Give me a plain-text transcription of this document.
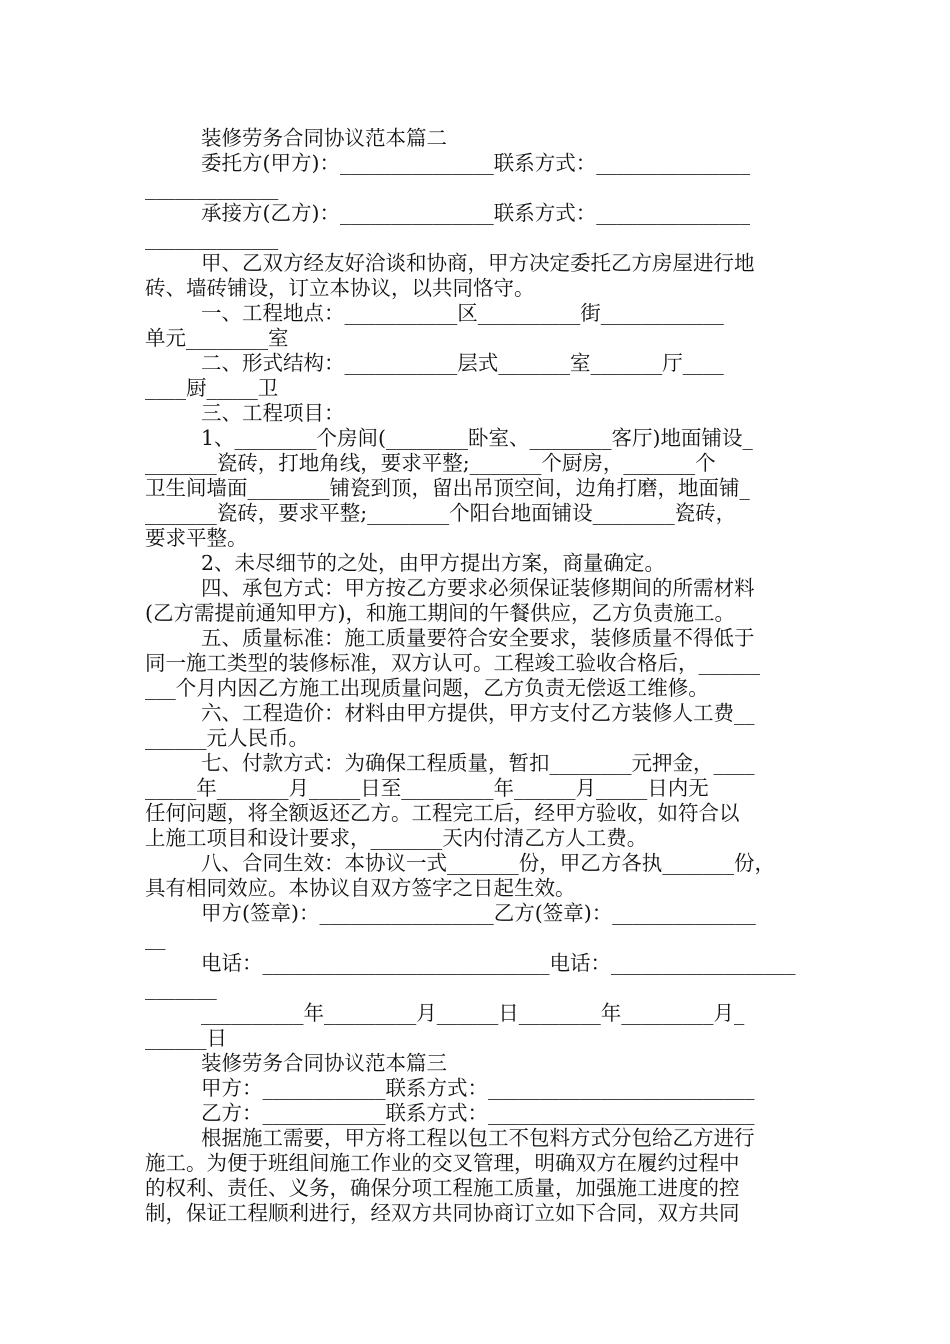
装修劳务合同协议范本篇二
委托方(甲方)：_______________联系方式：_______________
_____________
承接方(乙方)：_______________联系方式：_______________
_____________
甲、乙双方经友好洽谈和协商，甲方决定委托乙方房屋进行地
砖、墙砖铺设，订立本协议，以共同恪守。
一、工程地点：___________区__________街____________
单元________室
二、形式结构：___________层式_______室_______厅____
____厨_____卫
三、工程项目：
1、________个房间(________卧室、________客厅)地面铺设_
_______瓷砖，打地角线，要求平整;_______个厨房，_______个
卫生间墙面________铺瓷到顶，留出吊顶空间，边角打磨，地面铺_
_______瓷砖，要求平整;________个阳台地面铺设________瓷砖，
要求平整。
2、未尽细节的之处，由甲方提出方案，商量确定。
四、承包方式：甲方按乙方要求必须保证装修期间的所需材料
(乙方需提前通知甲方)，和施工期间的午餐供应，乙方负责施工。
五、质量标准：施工质量要符合安全要求，装修质量不得低于
同一施工类型的装修标准，双方认可。工程竣工验收合格后，______
___个月内因乙方施工出现质量问题，乙方负责无偿返工维修。
六、工程造价：材料由甲方提供，甲方支付乙方装修人工费__
______元人民币。
七、付款方式：为确保工程质量，暂扣________元押金，____
_____年_______月_____日至_________年______月_____日内无
任何问题，将全额返还乙方。工程完工后，经甲方验收，如符合以
上施工项目和设计要求，_______天内付清乙方人工费。
八、合同生效：本协议一式_______份，甲乙方各执_______份，
具有相同效应。本协议自双方签字之日起生效。
甲方(签章)：_________________乙方(签章)：______________
__
电话：____________________________电话：__________________
_______
__________年_________月______日________年_________月_
______日
装修劳务合同协议范本篇三
甲方：____________联系方式：__________________________
乙方：____________联系方式：__________________________
根据施工需要，甲方将工程以包工不包料方式分包给乙方进行
施工。为便于班组间施工作业的交叉管理，明确双方在履约过程中
的权利、责任、义务，确保分项工程施工质量，加强施工进度的控
制，保证工程顺利进行，经双方共同协商订立如下合同，双方共同
